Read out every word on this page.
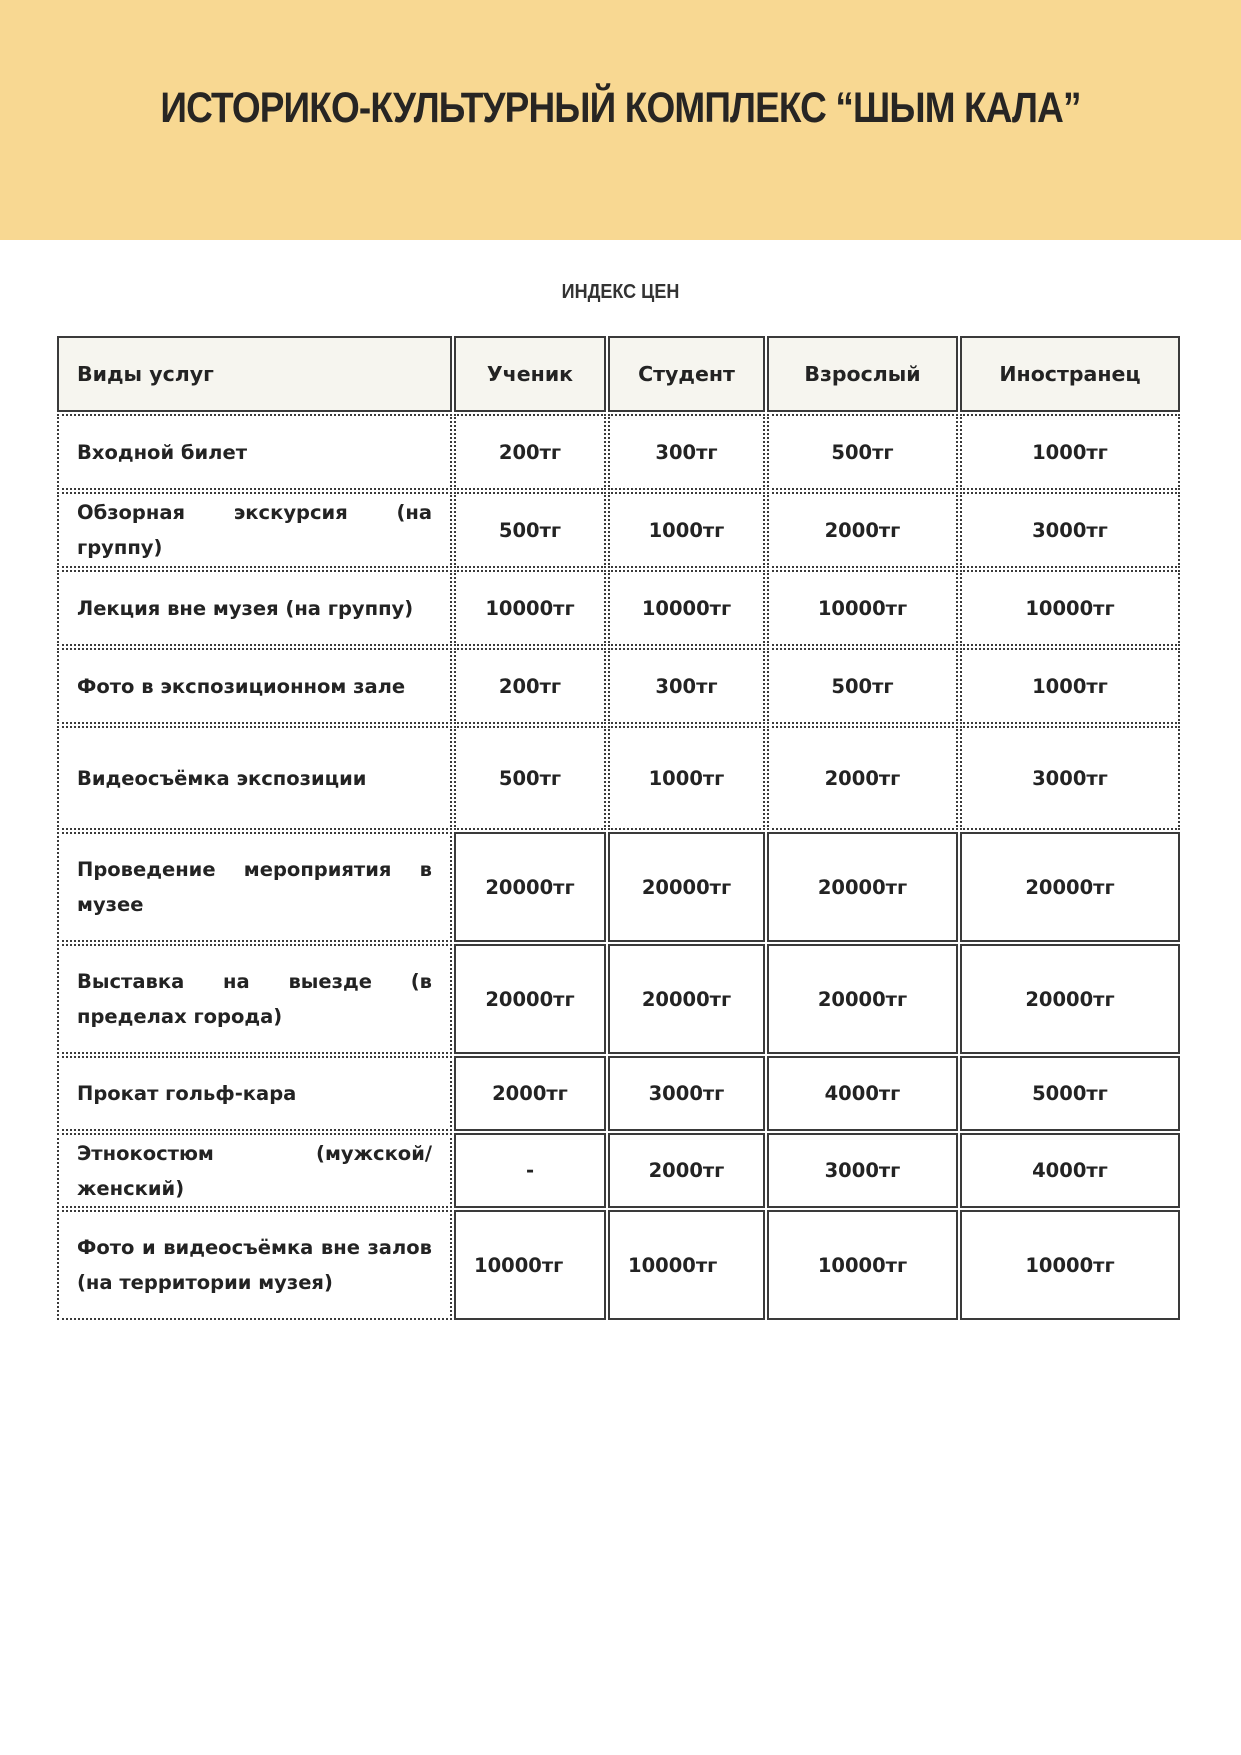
ИСТОРИКО-КУЛЬТУРНЫЙ КОМПЛЕКС “ШЫМ КАЛА”
ИНДЕКС ЦЕН
Виды услуг	Ученик	Студент	Взрослый	Иностранец
Входной билет	200тг	300тг	500тг	1000тг
Обзорная экскурсия (на группу)	500тг	1000тг	2000тг	3000тг
Лекция вне музея (на группу)	10000тг	10000тг	10000тг	10000тг
Фото в экспозиционном зале	200тг	300тг	500тг	1000тг
Видеосъёмка экспозиции	500тг	1000тг	2000тг	3000тг
Проведение мероприятия в музее	20000тг	20000тг	20000тг	20000тг
Выставка на выезде (в пределах города)	20000тг	20000тг	20000тг	20000тг
Прокат гольф-кара	2000тг	3000тг	4000тг	5000тг
Этнокостюм (мужской/женский)	-	2000тг	3000тг	4000тг
Фото и видеосъёмка вне залов (на территории музея)	10000тг	10000тг	10000тг	10000тг
